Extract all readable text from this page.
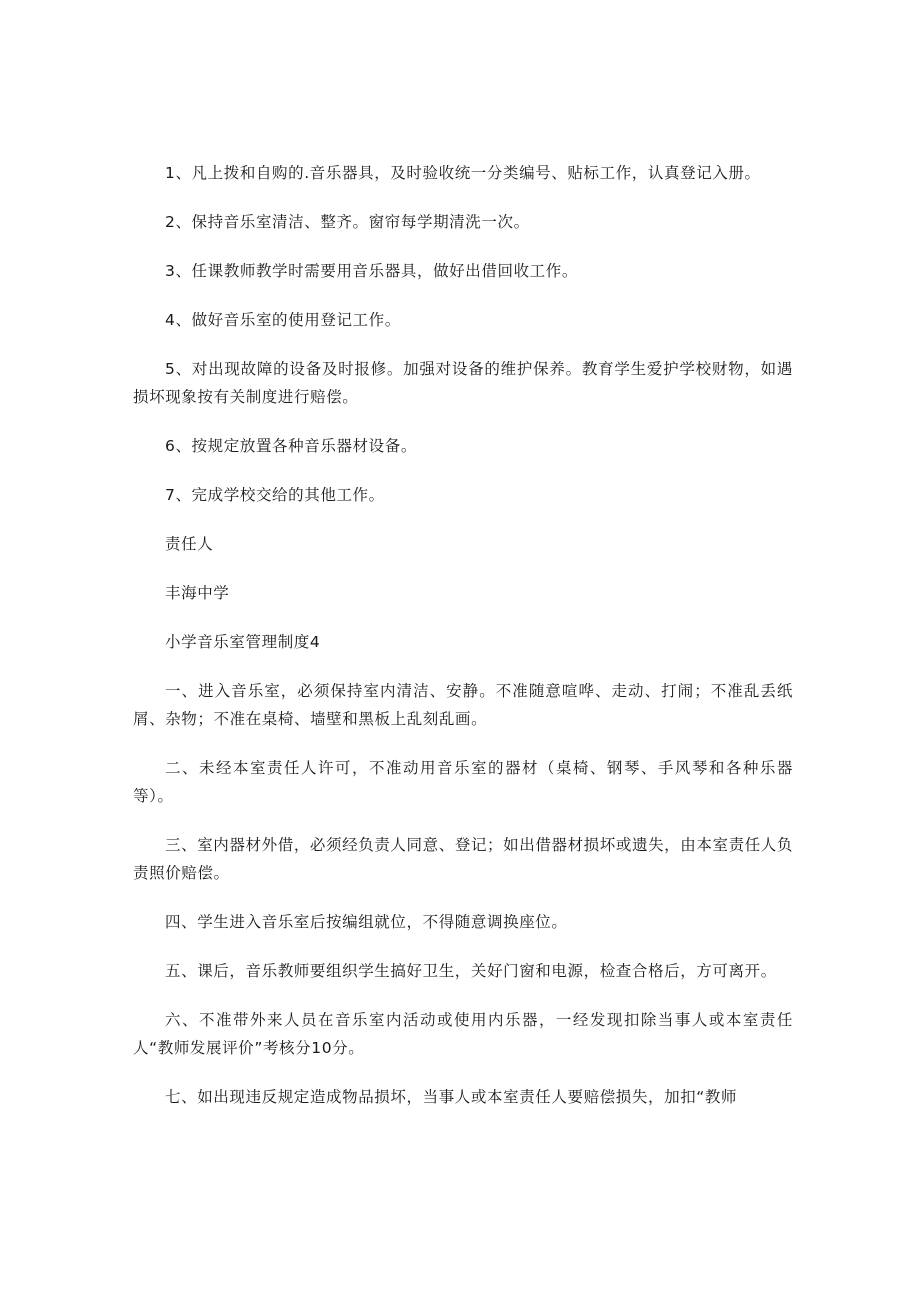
1、凡上拨和自购的.音乐器具，及时验收统一分类编号、贴标工作，认真登记入册。

2、保持音乐室清洁、整齐。窗帘每学期清洗一次。

3、任课教师教学时需要用音乐器具，做好出借回收工作。

4、做好音乐室的使用登记工作。

5、对出现故障的设备及时报修。加强对设备的维护保养。教育学生爱护学校财物，如遇损坏现象按有关制度进行赔偿。

6、按规定放置各种音乐器材设备。

7、完成学校交给的其他工作。

责任人

丰海中学

小学音乐室管理制度4

一、进入音乐室，必须保持室内清洁、安静。不准随意喧哗、走动、打闹；不准乱丢纸屑、杂物；不准在桌椅、墙壁和黑板上乱刻乱画。

二、未经本室责任人许可，不准动用音乐室的器材（桌椅、钢琴、手风琴和各种乐器等）。

三、室内器材外借，必须经负责人同意、登记；如出借器材损坏或遗失，由本室责任人负责照价赔偿。

四、学生进入音乐室后按编组就位，不得随意调换座位。

五、课后，音乐教师要组织学生搞好卫生，关好门窗和电源，检查合格后，方可离开。

六、不准带外来人员在音乐室内活动或使用内乐器，一经发现扣除当事人或本室责任人“教师发展评价”考核分10分。

七、如出现违反规定造成物品损坏，当事人或本室责任人要赔偿损失，加扣“教师
